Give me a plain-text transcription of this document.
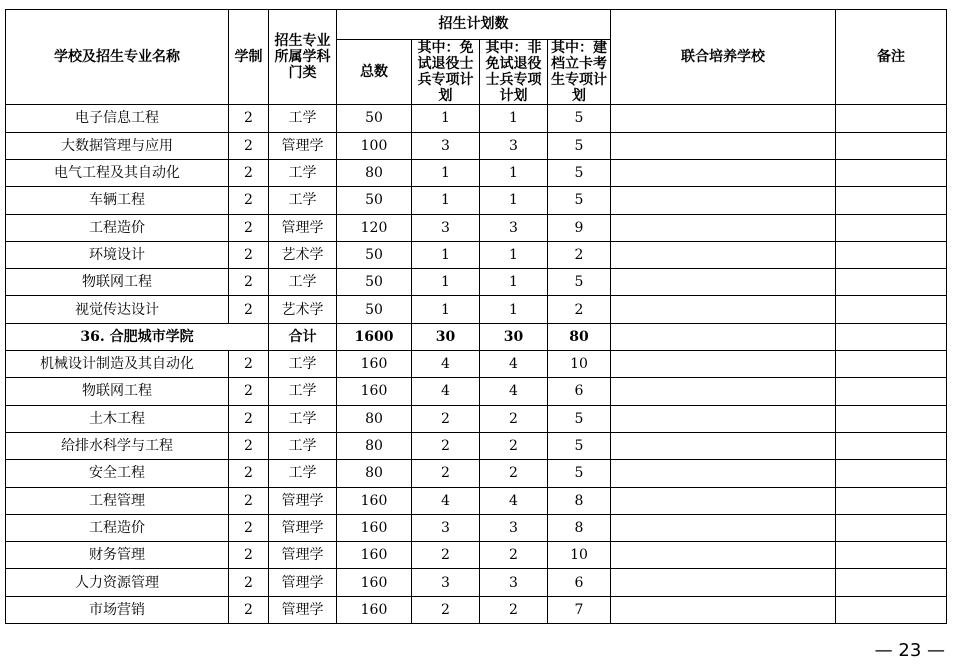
学校及招生专业名称	学制	招生专业所属学科门类	招生计划数				联合培养学校	备注
			总数	其中：免试退役士兵专项计划	其中：非免试退役士兵专项计划	其中：建档立卡考生专项计划		
电子信息工程	2	工学	50	1	1	5		
大数据管理与应用	2	管理学	100	3	3	5		
电气工程及其自动化	2	工学	80	1	1	5		
车辆工程	2	工学	50	1	1	5		
工程造价	2	管理学	120	3	3	9		
环境设计	2	艺术学	50	1	1	2		
物联网工程	2	工学	50	1	1	5		
视觉传达设计	2	艺术学	50	1	1	2		
36. 合肥城市学院		合计	1600	30	30	80		
机械设计制造及其自动化	2	工学	160	4	4	10		
物联网工程	2	工学	160	4	4	6		
土木工程	2	工学	80	2	2	5		
给排水科学与工程	2	工学	80	2	2	5		
安全工程	2	工学	80	2	2	5		
工程管理	2	管理学	160	4	4	8		
工程造价	2	管理学	160	3	3	8		
财务管理	2	管理学	160	2	2	10		
人力资源管理	2	管理学	160	3	3	6		
市场营销	2	管理学	160	2	2	7		
— 23 —
